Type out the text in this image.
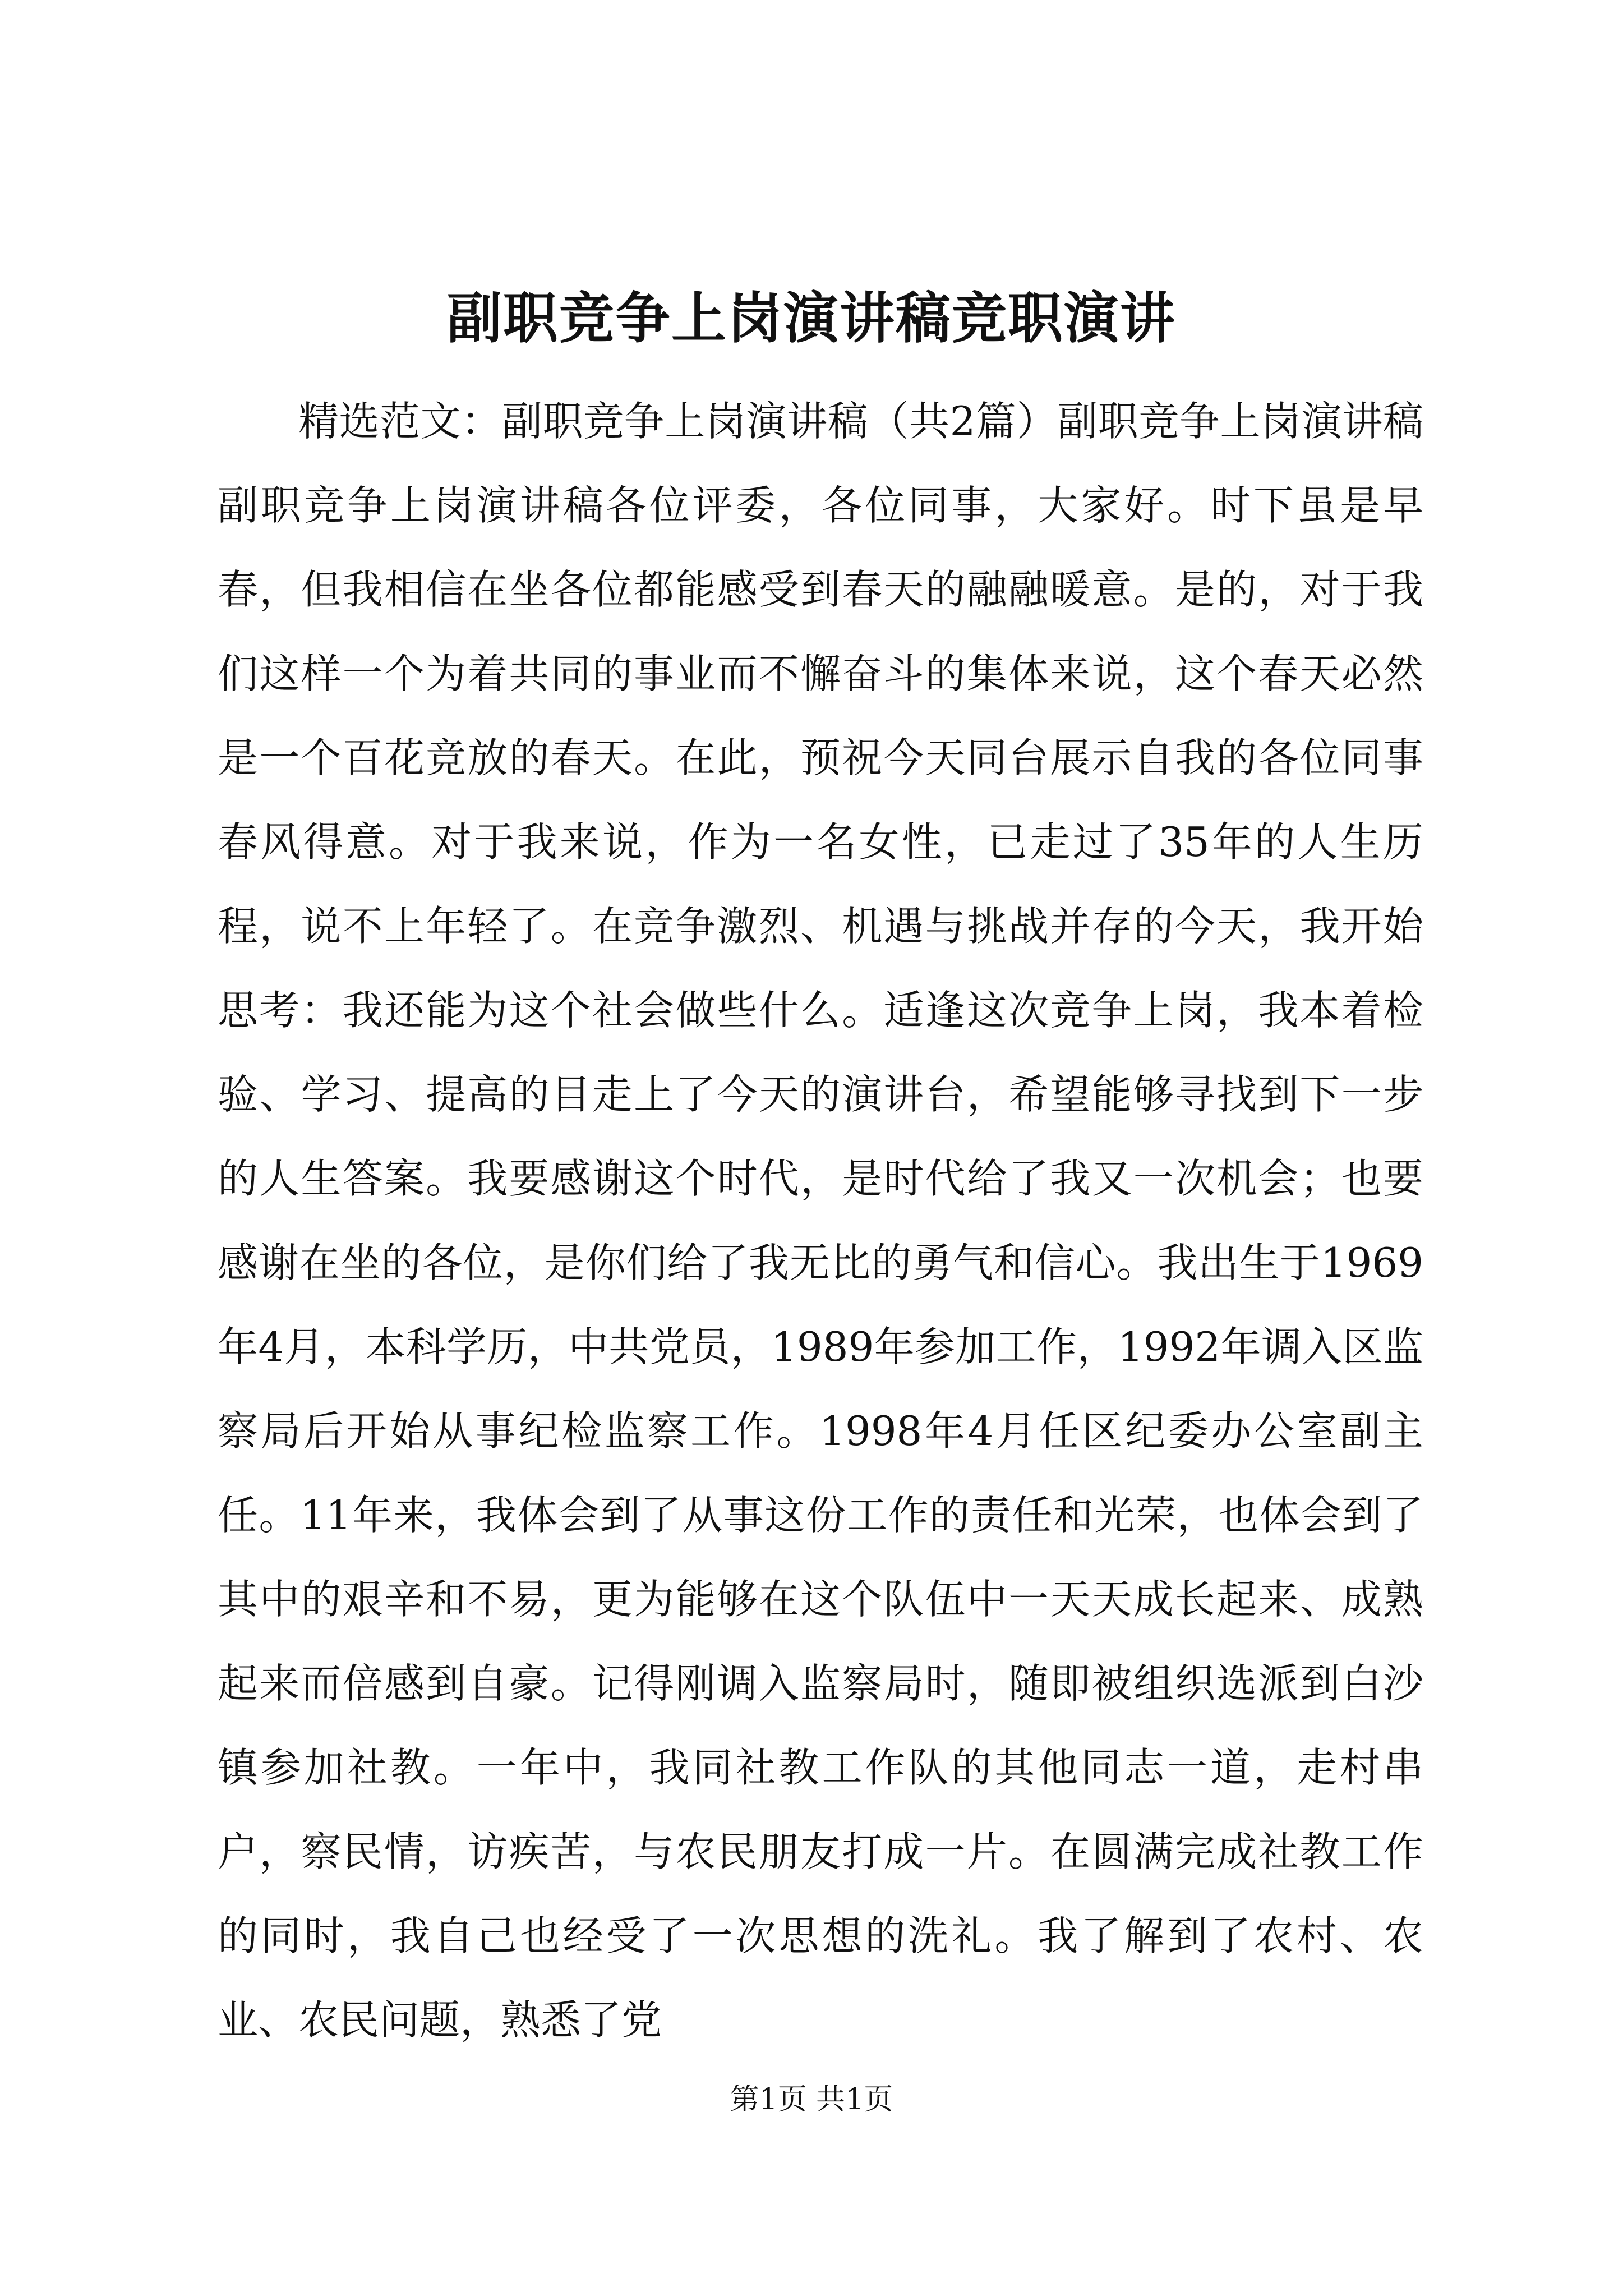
副职竞争上岗演讲稿竞职演讲

精选范文：副职竞争上岗演讲稿（共2篇）副职竞争上岗演讲稿副职竞争上岗演讲稿各位评委，各位同事，大家好。时下虽是早春，但我相信在坐各位都能感受到春天的融融暖意。是的，对于我们这样一个为着共同的事业而不懈奋斗的集体来说，这个春天必然是一个百花竞放的春天。在此，预祝今天同台展示自我的各位同事春风得意。对于我来说，作为一名女性，已走过了35年的人生历程，说不上年轻了。在竞争激烈、机遇与挑战并存的今天，我开始思考：我还能为这个社会做些什么。适逢这次竞争上岗，我本着检验、学习、提高的目走上了今天的演讲台，希望能够寻找到下一步的人生答案。我要感谢这个时代，是时代给了我又一次机会；也要感谢在坐的各位，是你们给了我无比的勇气和信心。我出生于1969年4月，本科学历，中共党员，1989年参加工作，1992年调入区监察局后开始从事纪检监察工作。1998年4月任区纪委办公室副主任。11年来，我体会到了从事这份工作的责任和光荣，也体会到了其中的艰辛和不易，更为能够在这个队伍中一天天成长起来、成熟起来而倍感到自豪。记得刚调入监察局时，随即被组织选派到白沙镇参加社教。一年中，我同社教工作队的其他同志一道，走村串户，察民情，访疾苦，与农民朋友打成一片。在圆满完成社教工作的同时，我自己也经受了一次思想的洗礼。我了解到了农村、农业、农民问题，熟悉了党

第1页 共1页
